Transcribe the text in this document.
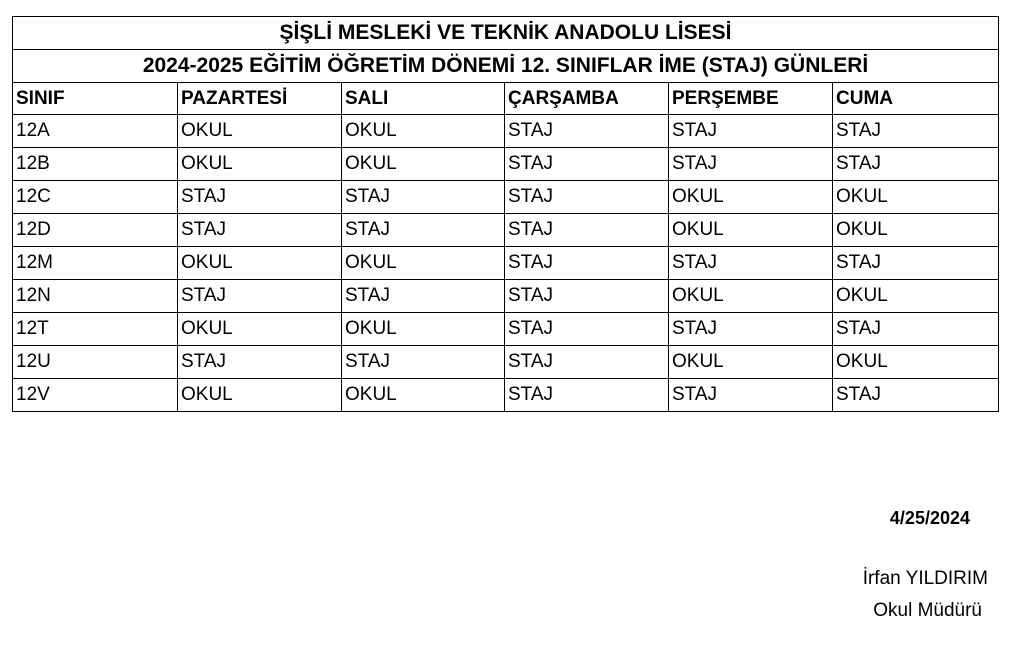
ŞİŞLİ MESLEKİ VE TEKNİK ANADOLU LİSESİ					
2024-2025 EĞİTİM ÖĞRETİM DÖNEMİ 12. SINIFLAR İME (STAJ) GÜNLERİ					
SINIF	PAZARTESİ	SALI	ÇARŞAMBA	PERŞEMBE	CUMA
12A	OKUL	OKUL	STAJ	STAJ	STAJ
12B	OKUL	OKUL	STAJ	STAJ	STAJ
12C	STAJ	STAJ	STAJ	OKUL	OKUL
12D	STAJ	STAJ	STAJ	OKUL	OKUL
12M	OKUL	OKUL	STAJ	STAJ	STAJ
12N	STAJ	STAJ	STAJ	OKUL	OKUL
12T	OKUL	OKUL	STAJ	STAJ	STAJ
12U	STAJ	STAJ	STAJ	OKUL	OKUL
12V	OKUL	OKUL	STAJ	STAJ	STAJ
4/25/2024
İrfan YILDIRIM
Okul Müdürü
